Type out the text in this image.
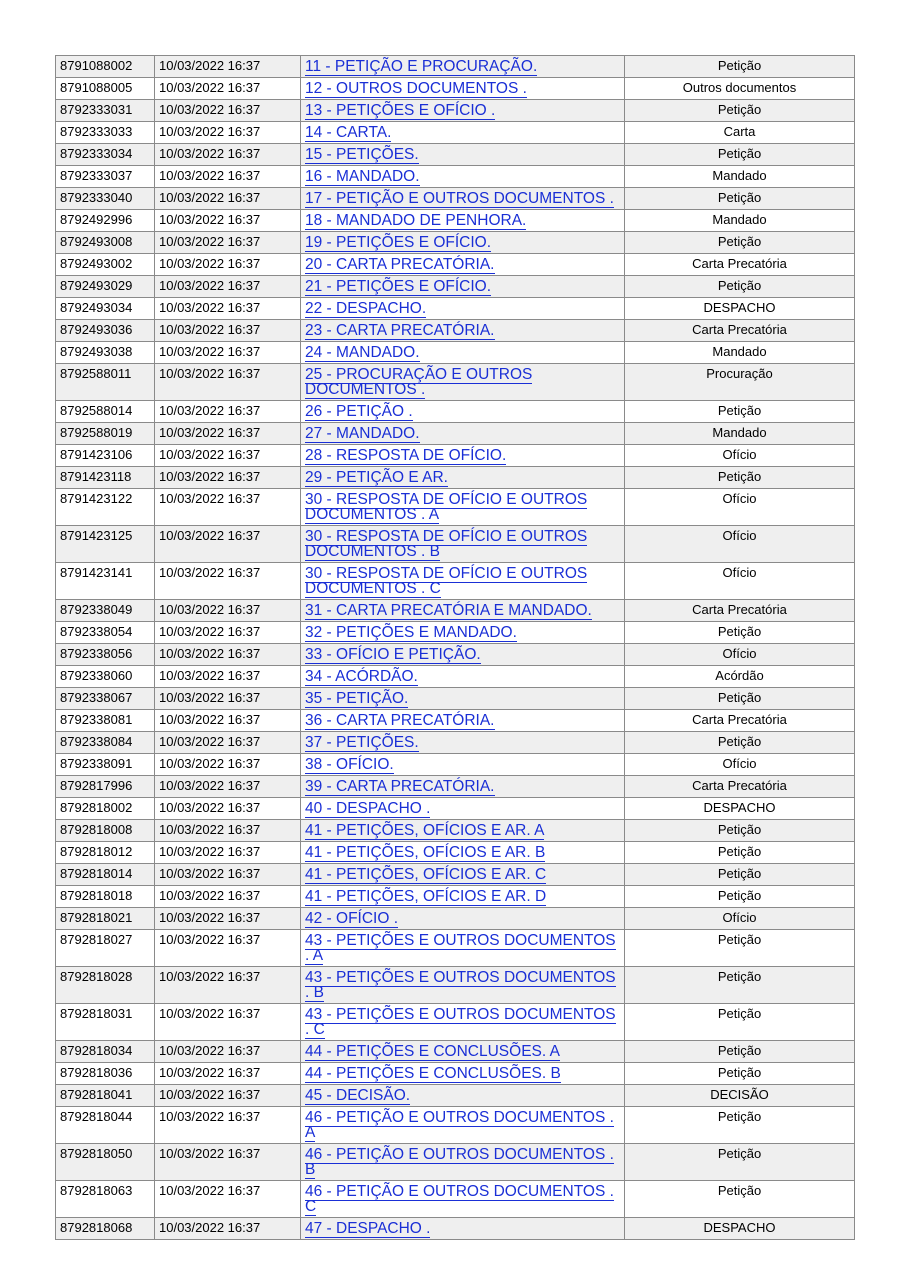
8791088002	10/03/2022 16:37	11 - PETIÇÃO E PROCURAÇÃO.	Petição
8791088005	10/03/2022 16:37	12 - OUTROS DOCUMENTOS .	Outros documentos
8792333031	10/03/2022 16:37	13 - PETIÇÕES E OFÍCIO .	Petição
8792333033	10/03/2022 16:37	14 - CARTA.	Carta
8792333034	10/03/2022 16:37	15 - PETIÇÕES.	Petição
8792333037	10/03/2022 16:37	16 - MANDADO.	Mandado
8792333040	10/03/2022 16:37	17 - PETIÇÃO E OUTROS DOCUMENTOS .	Petição
8792492996	10/03/2022 16:37	18 - MANDADO DE PENHORA.	Mandado
8792493008	10/03/2022 16:37	19 - PETIÇÕES E OFÍCIO.	Petição
8792493002	10/03/2022 16:37	20 - CARTA PRECATÓRIA.	Carta Precatória
8792493029	10/03/2022 16:37	21 - PETIÇÕES E OFÍCIO.	Petição
8792493034	10/03/2022 16:37	22 - DESPACHO.	DESPACHO
8792493036	10/03/2022 16:37	23 - CARTA PRECATÓRIA.	Carta Precatória
8792493038	10/03/2022 16:37	24 - MANDADO.	Mandado
8792588011	10/03/2022 16:37	25 - PROCURAÇÃO E OUTROS DOCUMENTOS .	Procuração
8792588014	10/03/2022 16:37	26 - PETIÇÃO .	Petição
8792588019	10/03/2022 16:37	27 - MANDADO.	Mandado
8791423106	10/03/2022 16:37	28 - RESPOSTA DE OFÍCIO.	Ofício
8791423118	10/03/2022 16:37	29 - PETIÇÃO E AR.	Petição
8791423122	10/03/2022 16:37	30 - RESPOSTA DE OFÍCIO E OUTROS DOCUMENTOS . A	Ofício
8791423125	10/03/2022 16:37	30 - RESPOSTA DE OFÍCIO E OUTROS DOCUMENTOS . B	Ofício
8791423141	10/03/2022 16:37	30 - RESPOSTA DE OFÍCIO E OUTROS DOCUMENTOS . C	Ofício
8792338049	10/03/2022 16:37	31 - CARTA PRECATÓRIA E MANDADO.	Carta Precatória
8792338054	10/03/2022 16:37	32 - PETIÇÕES E MANDADO.	Petição
8792338056	10/03/2022 16:37	33 - OFÍCIO E PETIÇÃO.	Ofício
8792338060	10/03/2022 16:37	34 - ACÓRDÃO.	Acórdão
8792338067	10/03/2022 16:37	35 - PETIÇÃO.	Petição
8792338081	10/03/2022 16:37	36 - CARTA PRECATÓRIA.	Carta Precatória
8792338084	10/03/2022 16:37	37 - PETIÇÕES.	Petição
8792338091	10/03/2022 16:37	38 - OFÍCIO.	Ofício
8792817996	10/03/2022 16:37	39 - CARTA PRECATÓRIA.	Carta Precatória
8792818002	10/03/2022 16:37	40 - DESPACHO .	DESPACHO
8792818008	10/03/2022 16:37	41 - PETIÇÕES, OFÍCIOS E AR. A	Petição
8792818012	10/03/2022 16:37	41 - PETIÇÕES, OFÍCIOS E AR. B	Petição
8792818014	10/03/2022 16:37	41 - PETIÇÕES, OFÍCIOS E AR. C	Petição
8792818018	10/03/2022 16:37	41 - PETIÇÕES, OFÍCIOS E AR. D	Petição
8792818021	10/03/2022 16:37	42 - OFÍCIO .	Ofício
8792818027	10/03/2022 16:37	43 - PETIÇÕES E OUTROS DOCUMENTOS . A	Petição
8792818028	10/03/2022 16:37	43 - PETIÇÕES E OUTROS DOCUMENTOS . B	Petição
8792818031	10/03/2022 16:37	43 - PETIÇÕES E OUTROS DOCUMENTOS . C	Petição
8792818034	10/03/2022 16:37	44 - PETIÇÕES E CONCLUSÕES. A	Petição
8792818036	10/03/2022 16:37	44 - PETIÇÕES E CONCLUSÕES. B	Petição
8792818041	10/03/2022 16:37	45 - DECISÃO.	DECISÃO
8792818044	10/03/2022 16:37	46 - PETIÇÃO E OUTROS DOCUMENTOS . A	Petição
8792818050	10/03/2022 16:37	46 - PETIÇÃO E OUTROS DOCUMENTOS . B	Petição
8792818063	10/03/2022 16:37	46 - PETIÇÃO E OUTROS DOCUMENTOS . C	Petição
8792818068	10/03/2022 16:37	47 - DESPACHO .	DESPACHO
